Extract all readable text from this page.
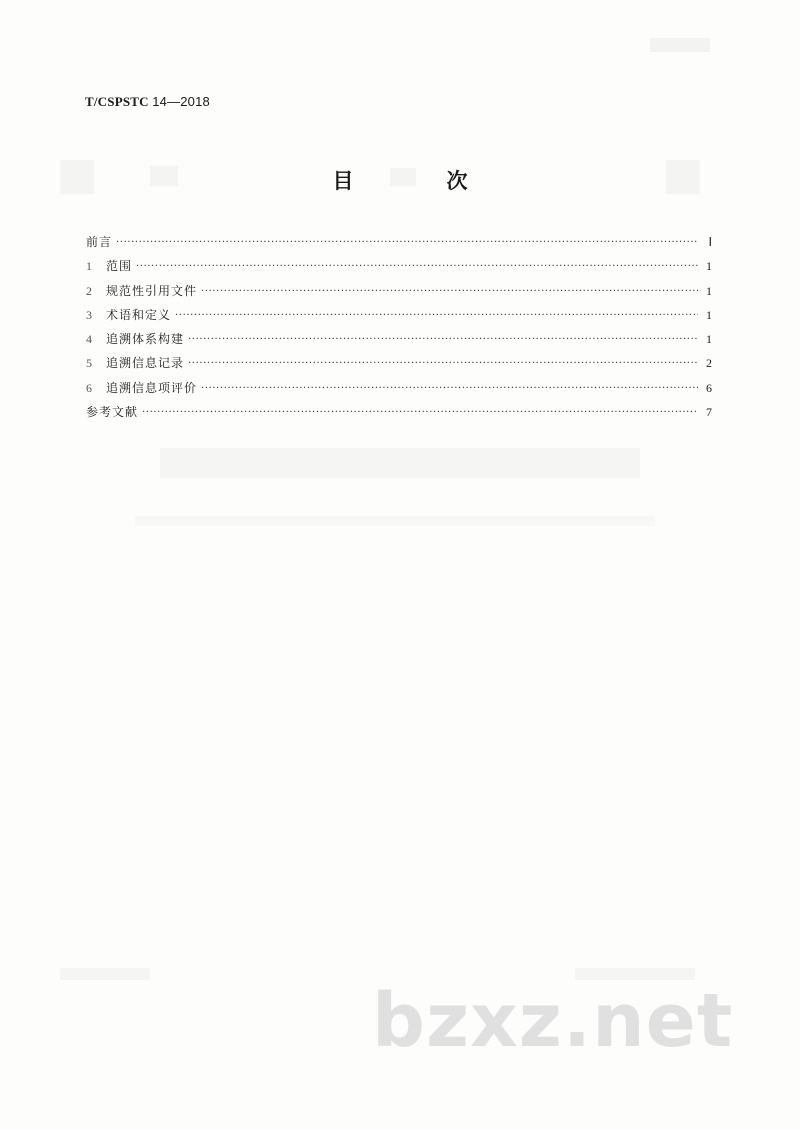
T/CSPSTC 14—2018
目　次
前言 ·····	Ⅰ
1 范围 ·····	1
2 规范性引用文件 ·····	1
3 术语和定义 ·····	1
4 追溯体系构建 ·····	1
5 追溯信息记录 ·····	2
6 追溯信息项评价 ·····	6
参考文献 ·····	7
bzxz.net
